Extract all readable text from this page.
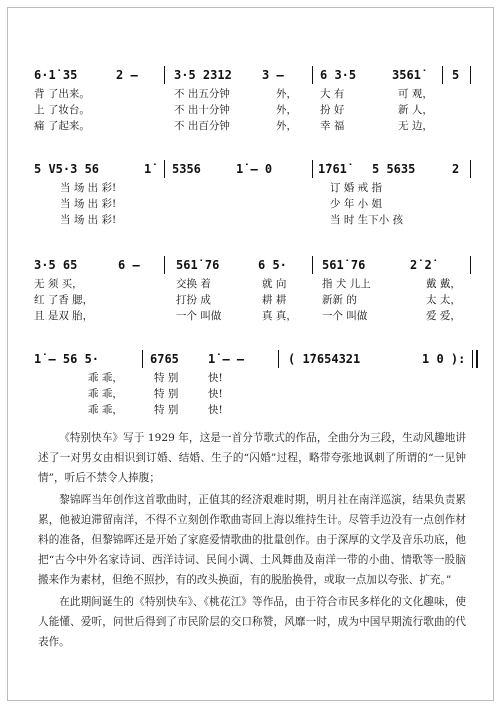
6·1̇ 35	2 –	3·5 2312	3 –	6 3·5	3561̇	5
背 了出来。	不 出五分钟	外， 大 有	可 观，
上 了妆台。	不 出十分钟	外， 扮 好	新 人，
痛 了起来。	不 出百分钟	外， 幸 福	无 边，
5 V5·3 56	1̇ 5356	1̇ – 0	1̇761̇ 5 5635	2
当 场 出 彩!	订 婚 戒 指
当 场 出 彩!	少 年 小 姐
当 场 出 彩!	当 时 生下小 孩
3·5 65	6 –	561̇ 76	6 5·	561̇ 76	2̇ 2̇
无 须 买，	交换 着	就 向	指 犬 儿上	戴 戴，
红 了香 腮，	打扮 成	耕 耕	新新 的	太 太，
且 是双 胎，	一个 叫做	真 真， 一个 叫做	爱 爱，
1̇ – 56 5·	6765 1̇ – –	( 1̇7654321	1 0 ):
乖 乖，	特 别	快!
乖 乖，	特 别	快!
乖 乖，	特 别	快!

《特别快车》写于 1929 年，这是一首分节歌式的作品，全曲分为三段，生动风趣地讲述了一对男女由相识到订婚、结婚、生子的“闪婚”过程，略带夸张地讽刺了所谓的“一见钟情”，听后不禁令人捧腹；

黎锦晖当年创作这首歌曲时，正值其的经济艰难时期，明月社在南洋巡演，结果负责累累，他被迫滞留南洋，不得不立刻创作歌曲寄回上海以维持生计。尽管手边没有一点创作材料的准备，但黎锦晖还是开始了家庭爱情歌曲的批量创作。由于深厚的文学及音乐功底，他把“古今中外名家诗词、西洋诗词、民间小调、土风舞曲及南洋一带的小曲、情歌等一股脑搬来作为素材，但绝不照抄，有的改头换面，有的脱胎换骨，或取一点加以夸张、扩充。”

在此期间诞生的《特别快车》、《桃花江》等作品，由于符合市民多样化的文化趣味，使人能懂、爱听，问世后得到了市民阶层的交口称赞，风靡一时，成为中国早期流行歌曲的代表作。
